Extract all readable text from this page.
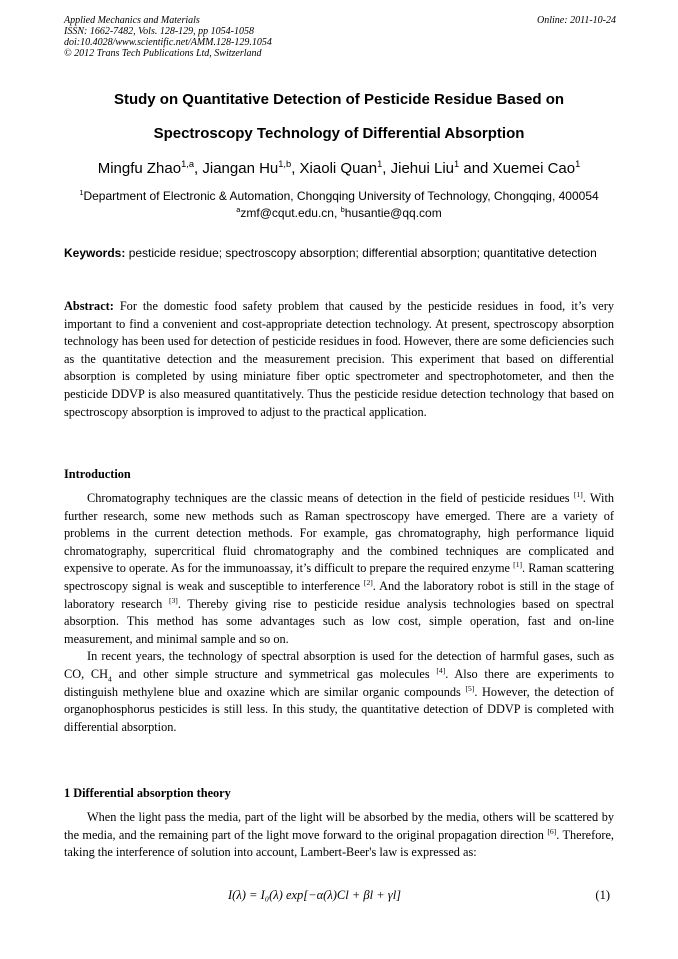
Applied Mechanics and Materials
ISSN: 1662-7482, Vols. 128-129, pp 1054-1058
doi:10.4028/www.scientific.net/AMM.128-129.1054
© 2012 Trans Tech Publications Ltd, Switzerland
Online: 2011-10-24
Study on Quantitative Detection of Pesticide Residue Based on
Spectroscopy Technology of Differential Absorption
Mingfu Zhao$^{1,a}$, Jiangan Hu$^{1,b}$, Xiaoli Quan$^1$, Jiehui Liu$^1$ and Xuemei Cao$^1$
$^1$Department of Electronic & Automation, Chongqing University of Technology, Chongqing, 400054
$^a$zmf@cqut.edu.cn, $^b$husantie@qq.com
Keywords: pesticide residue; spectroscopy absorption; differential absorption; quantitative detection

Abstract: For the domestic food safety problem that caused by the pesticide residues in food, it’s very important to find a convenient and cost-appropriate detection technology. At present, spectroscopy absorption technology has been used for detection of pesticide residues in food. However, there are some deficiencies such as the quantitative detection and the measurement precision. This experiment that based on differential absorption is completed by using miniature fiber optic spectrometer and spectrophotometer, and then the pesticide DDVP is also measured quantitatively. Thus the pesticide residue detection technology that based on spectroscopy absorption is improved to adjust to the practical application.

Introduction

Chromatography techniques are the classic means of detection in the field of pesticide residues [1]. With further research, some new methods such as Raman spectroscopy have emerged. There are a variety of problems in the current detection methods. For example, gas chromatography, high performance liquid chromatography, supercritical fluid chromatography and the combined techniques are complicated and expensive to operate. As for the immunoassay, it’s difficult to prepare the required enzyme [1]. Raman scattering spectroscopy signal is weak and susceptible to interference [2]. And the laboratory robot is still in the stage of laboratory research [3]. Thereby giving rise to pesticide residue analysis technologies based on spectral absorption. This method has some advantages such as low cost, simple operation, fast and on-line measurement, and minimal sample and so on.

In recent years, the technology of spectral absorption is used for the detection of harmful gases, such as CO, $CH_4$ and other simple structure and symmetrical gas molecules [4]. Also there are experiments to distinguish methylene blue and oxazine which are similar organic compounds [5]. However, the detection of organophosphorus pesticides is still less. In this study, the quantitative detection of DDVP is completed with differential absorption.

1 Differential absorption theory

When the light pass the media, part of the light will be absorbed by the media, others will be scattered by the media, and the remaining part of the light move forward to the original propagation direction [6]. Therefore, taking the interference of solution into account, Lambert-Beer's law is expressed as:

I(λ) = I₀(λ) exp[−α(λ)Cl + βl + γl]	(1)
